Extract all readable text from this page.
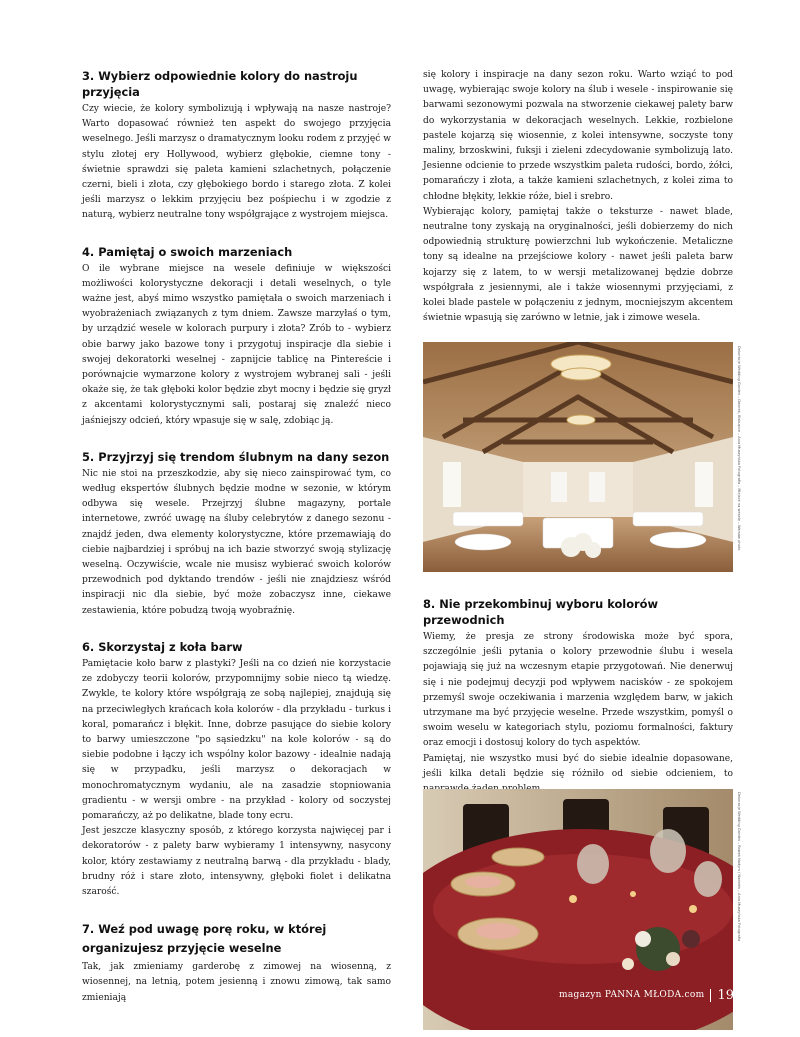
3. Wybierz odpowiednie kolory do nastroju przyjęcia

Czy wiecie, że kolory symbolizują i wpływają na nasze nastroje? Warto dopasować również ten aspekt do swojego przyjęcia weselnego. Jeśli marzysz o dramatycznym looku rodem z przyjęć w stylu złotej ery Hollywood, wybierz głębokie, ciemne tony - świetnie sprawdzi się paleta kamieni szlachetnych, połączenie czerni, bieli i złota, czy głębokiego bordo i starego złota. Z kolei jeśli marzysz o lekkim przyjęciu bez pośpiechu i w zgodzie z naturą, wybierz neutralne tony współgrające z wystrojem miejsca.

4. Pamiętaj o swoich marzeniach

O ile wybrane miejsce na wesele definiuje w większości możliwości kolorystyczne dekoracji i detali weselnych, o tyle ważne jest, abyś mimo wszystko pamiętała o swoich marzeniach i wyobrażeniach związanych z tym dniem. Zawsze marzyłaś o tym, by urządzić wesele w kolorach purpury i złota? Zrób to - wybierz obie barwy jako bazowe tony i przygotuj inspiracje dla siebie i swojej dekoratorki weselnej - zapnijcie tablicę na Pintereście i porównajcie wymarzone kolory z wystrojem wybranej sali - jeśli okaże się, że tak głęboki kolor będzie zbyt mocny i będzie się gryzł z akcentami kolorystycznymi sali, postaraj się znaleźć nieco jaśniejszy odcień, który wpasuje się w salę, zdobiąc ją.

5. Przyjrzyj się trendom ślubnym na dany sezon

Nic nie stoi na przeszkodzie, aby się nieco zainspirować tym, co według ekspertów ślubnych będzie modne w sezonie, w którym odbywa się wesele. Przejrzyj ślubne magazyny, portale internetowe, zwróć uwagę na śluby celebrytów z danego sezonu - znajdź jeden, dwa elementy kolorystyczne, które przemawiają do ciebie najbardziej i spróbuj na ich bazie stworzyć swoją stylizację weselną. Oczywiście, wcale nie musisz wybierać swoich kolorów przewodnich pod dyktando trendów - jeśli nie znajdziesz wśród inspiracji nic dla siebie, być może zobaczysz inne, ciekawe zestawienia, które pobudzą twoją wyobraźnię.

6. Skorzystaj z koła barw

Pamiętacie koło barw z plastyki? Jeśli na co dzień nie korzystacie ze zdobyczy teorii kolorów, przypomnijmy sobie nieco tą wiedzę. Zwykle, te kolory które współgrają ze sobą najlepiej, znajdują się na przeciwległych krańcach koła kolorów - dla przykładu - turkus i koral, pomarańcz i błękit. Inne, dobrze pasujące do siebie kolory to barwy umieszczone "po sąsiedzku" na kole kolorów - są do siebie podobne i łączy ich wspólny kolor bazowy - idealnie nadają się w przypadku, jeśli marzysz o dekoracjach w monochromatycznym wydaniu, ale na zasadzie stopniowania gradientu - w wersji ombre - na przykład - kolory od soczystej pomarańczy, aż po delikatne, blade tony ecru.

Jest jeszcze klasyczny sposób, z którego korzysta najwięcej par i dekoratorów - z palety barw wybieramy 1 intensywny, nasycony kolor, który zestawiamy z neutralną barwą - dla przykładu - blady, brudny róż i stare złoto, intensywny, głęboki fiolet i delikatna szarość.

7. Weź pod uwagę porę roku, w której organizujesz przyjęcie weselne

Tak, jak zmieniamy garderobę z zimowej na wiosenną, z wiosennej, na letnią, potem jesienną i znowu zimową, tak samo zmieniają

się kolory i inspiracje na dany sezon roku. Warto wziąć to pod uwagę, wybierając swoje kolory na ślub i wesele - inspirowanie się barwami sezonowymi pozwala na stworzenie ciekawej palety barw do wykorzystania w dekoracjach weselnych. Lekkie, rozbielone pastele kojarzą się wiosennie, z kolei intensywne, soczyste tony maliny, brzoskwini, fuksji i zieleni zdecydowanie symbolizują lato. Jesienne odcienie to przede wszystkim paleta rudości, bordo, żółci, pomarańczy i złota, a także kamieni szlachetnych, z kolei zima to chłodne błękity, lekkie róże, biel i srebro.

Wybierając kolory, pamiętaj także o teksturze - nawet blade, neutralne tony zyskają na oryginalności, jeśli dobierzemy do nich odpowiednią strukturę powierzchni lub wykończenie. Metaliczne tony są idealne na przejściowe kolory - nawet jeśli paleta barw kojarzy się z latem, to w wersji metalizowanej będzie dobrze współgrała z jesiennymi, ale i także wiosennymi przyjęciami, z kolei blade pastele w połączeniu z jednym, mocniejszym akcentem świetnie wpasują się zarówno w letnie, jak i zimowe wesela.

8. Nie przekombinuj wyboru kolorów przewodnich

Wiemy, że presja ze strony środowiska może być spora, szczególnie jeśli pytania o kolory przewodnie ślubu i wesela pojawiają się już na wczesnym etapie przygotowań. Nie denerwuj się i nie podejmuj decyzji pod wpływem nacisków - ze spokojem przemyśl swoje oczekiwania i marzenia względem barw, w jakich utrzymane ma być przyjęcie weselne. Przede wszystkim, pomyśl o swoim weselu w kategoriach stylu, poziomu formalności, faktury oraz emocji i dostosuj kolory do tych aspektów.

Pamiętaj, nie wszystko musi być do siebie idealnie dopasowane, jeśli kilka detali będzie się różniło od siebie odcieniem, to

Dekoracje Wedding Garden – Dworek, Biskupice – Ania Muszyńska Fotografia – Miejsce na wesele – Warsaw photo
Dekoracje Wedding Garden – Rowek Nadym / Nadołek – Ania Muszyńska Fotografia
magazyn PANNA MŁODA.com 19
